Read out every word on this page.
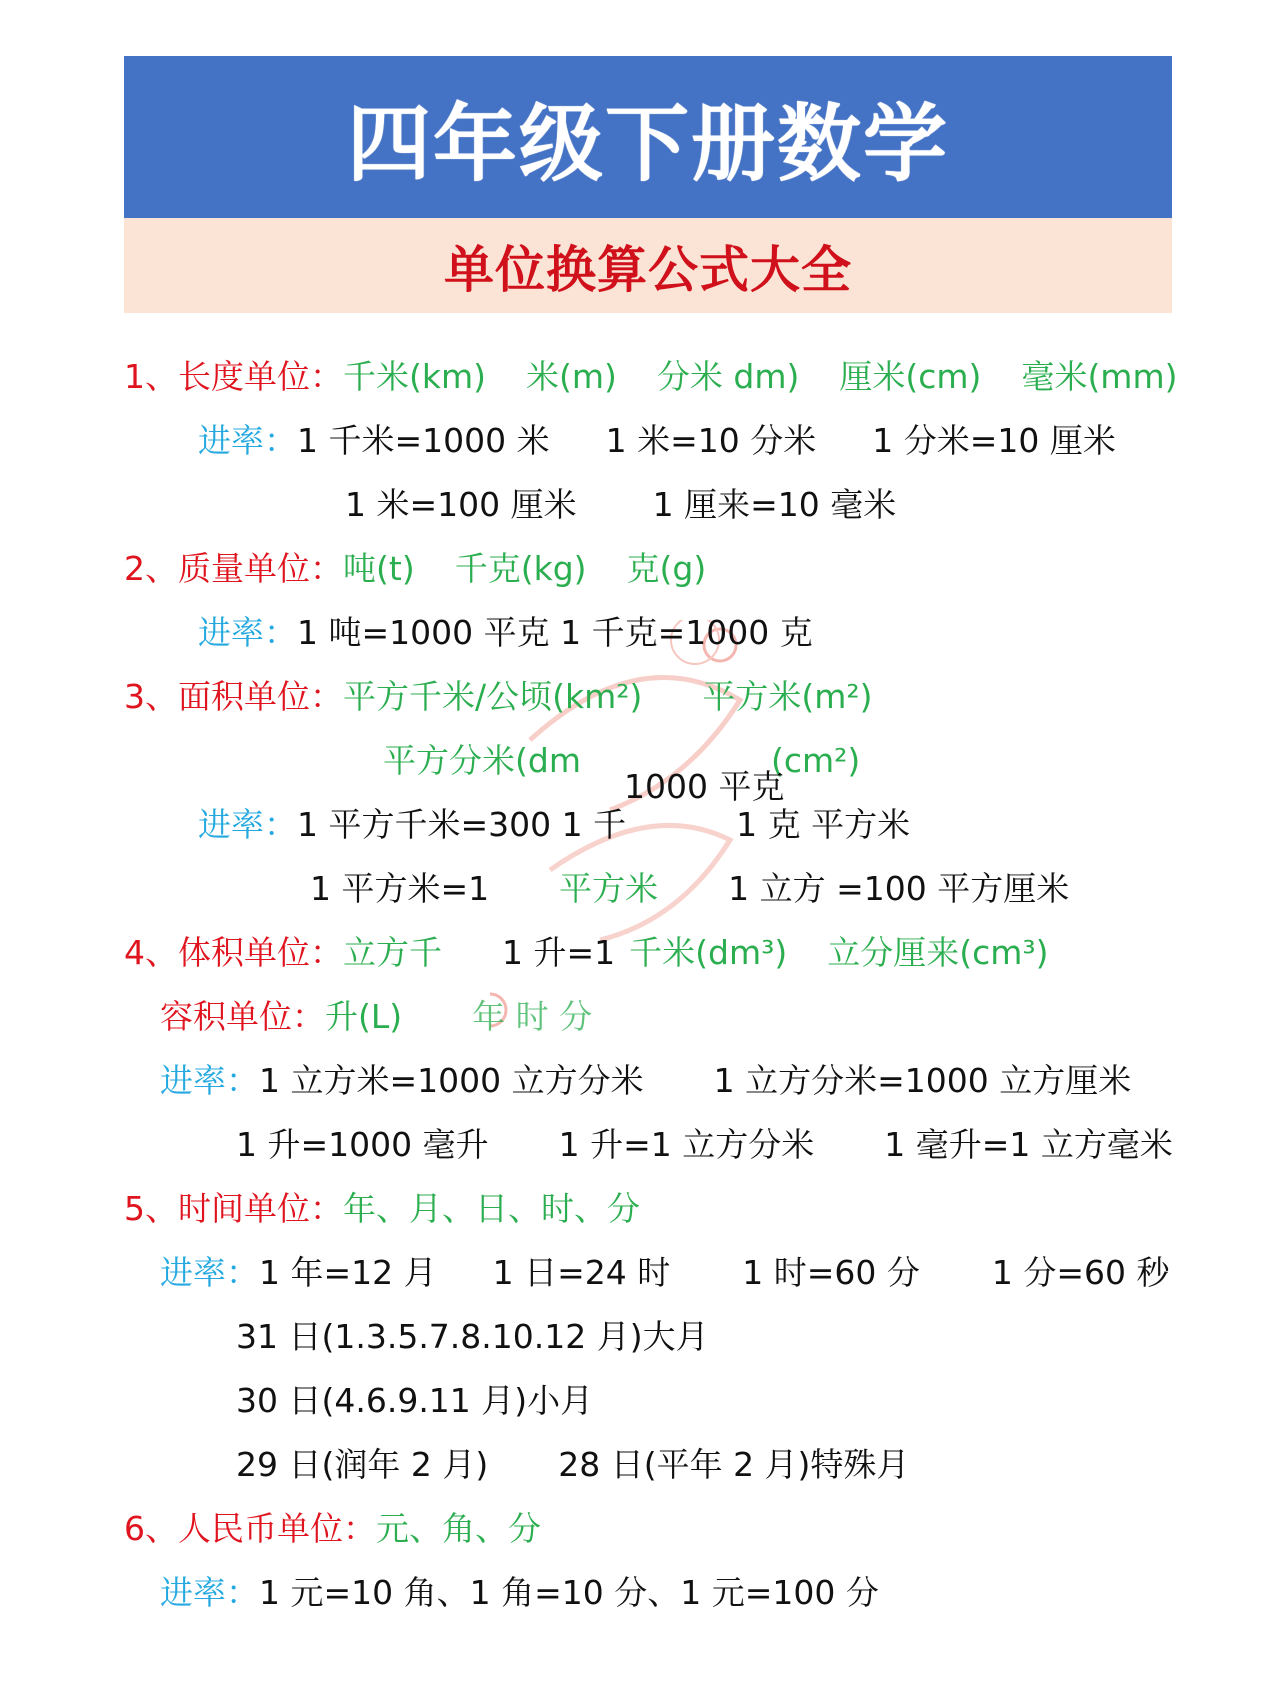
四年级下册数学
单位换算公式大全
1、长度单位：千米(km) 米(m) 分米 dm) 厘米(cm) 毫米(mm)
进率：1 千米=1000 米 1 米=10 分米 1 分米=10 厘米
1 米=100 厘米 1 厘来=10 毫米
2、质量单位：吨(t) 千克(kg) 克(g)
进率：1 吨=1000 平克 1 千克=1000 克
3、面积单位：平方千米/公顷(km²) 平方米(m²)
平方分米(dm	(cm²)
1000 平克
进率：1 平方千米=300 1 千	1 克 平方米
1 平方米=1 平方米 1 立方 =100 平方厘米
4、体积单位：立方千 1 升=1 千米(dm³) 立分厘来(cm³)
容积单位：升(L) 年 时 分
进率：1 立方米=1000 立方分米 1 立方分米=1000 立方厘米
1 升=1000 毫升 1 升=1 立方分米 1 毫升=1 立方毫米
5、时间单位：年、月、日、时、分
进率：1 年=12 月 1 日=24 时 1 时=60 分 1 分=60 秒
31 日(1.3.5.7.8.10.12 月)大月
30 日(4.6.9.11 月)小月
29 日(润年 2 月) 28 日(平年 2 月)特殊月
6、人民币单位：元、角、分
进率：1 元=10 角、1 角=10 分、1 元=100 分
